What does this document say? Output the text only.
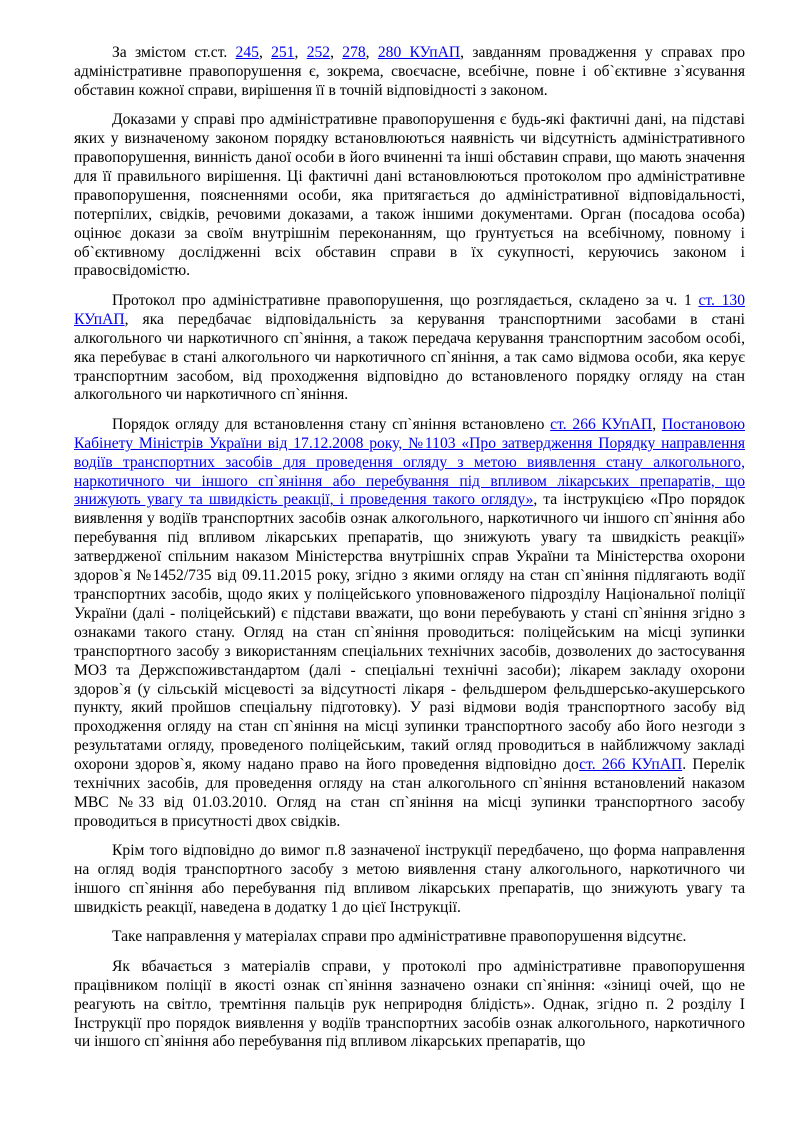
За змістом ст.ст. 245, 251, 252, 278, 280 КУпАП, завданням провадження у справах про адміністративне правопорушення є, зокрема, своєчасне, всебічне, повне і об`єктивне з`ясування обставин кожної справи, вирішення її в точній відповідності з законом.

Доказами у справі про адміністративне правопорушення є будь-які фактичні дані, на підставі яких у визначеному законом порядку встановлюються наявність чи відсутність адміністративного правопорушення, винність даної особи в його вчиненні та інші обставин справи, що мають значення для її правильного вирішення. Ці фактичні дані встановлюються протоколом про адміністративне правопорушення, поясненнями особи, яка притягається до адміністративної відповідальності, потерпілих, свідків, речовими доказами, а також іншими документами. Орган (посадова особа) оцінює докази за своїм внутрішнім переконанням, що ґрунтується на всебічному, повному і об`єктивному дослідженні всіх обставин справи в їх сукупності, керуючись законом і правосвідомістю.

Протокол про адміністративне правопорушення, що розглядається, складено за ч. 1 ст. 130 КУпАП, яка передбачає відповідальність за керування транспортними засобами в стані алкогольного чи наркотичного сп`яніння, а також передача керування транспортним засобом особі, яка перебуває в стані алкогольного чи наркотичного сп`яніння, а так само відмова особи, яка керує транспортним засобом, від проходження відповідно до встановленого порядку огляду на стан алкогольного чи наркотичного сп`яніння.

Порядок огляду для встановлення стану сп`яніння встановлено ст. 266 КУпАП, Постановою Кабінету Міністрів України від 17.12.2008 року, №1103 «Про затвердження Порядку направлення водіїв транспортних засобів для проведення огляду з метою виявлення стану алкогольного, наркотичного чи іншого сп`яніння або перебування під впливом лікарських препаратів, що знижують увагу та швидкість реакції, і проведення такого огляду», та інструкцією «Про порядок виявлення у водіїв транспортних засобів ознак алкогольного, наркотичного чи іншого сп`яніння або перебування під впливом лікарських препаратів, що знижують увагу та швидкість реакції» затвердженої спільним наказом Міністерства внутрішніх справ України та Міністерства охорони здоров`я №1452/735 від 09.11.2015 року, згідно з якими огляду на стан сп`яніння підлягають водії транспортних засобів, щодо яких у поліцейського уповноваженого підрозділу Національної поліції України (далі - поліцейський) є підстави вважати, що вони перебувають у стані сп`яніння згідно з ознаками такого стану. Огляд на стан сп`яніння проводиться: поліцейським на місці зупинки транспортного засобу з використанням спеціальних технічних засобів, дозволених до застосування МОЗ та Держспоживстандартом (далі - спеціальні технічні засоби); лікарем закладу охорони здоров`я (у сільській місцевості за відсутності лікаря - фельдшером фельдшерсько-акушерського пункту, який пройшов спеціальну підготовку). У разі відмови водія транспортного засобу від проходження огляду на стан сп`яніння на місці зупинки транспортного засобу або його незгоди з результатами огляду, проведеного поліцейським, такий огляд проводиться в найближчому закладі охорони здоров`я, якому надано право на його проведення відповідно дост. 266 КУпАП. Перелік технічних засобів, для проведення огляду на стан алкогольного сп`яніння встановлений наказом МВС №33 від 01.03.2010. Огляд на стан сп`яніння на місці зупинки транспортного засобу проводиться в присутності двох свідків.

Крім того відповідно до вимог п.8 зазначеної інструкції передбачено, що форма направлення на огляд водія транспортного засобу з метою виявлення стану алкогольного, наркотичного чи іншого сп`яніння або перебування під впливом лікарських препаратів, що знижують увагу та швидкість реакції, наведена в додатку 1 до цієї Інструкції.

Таке направлення у матеріалах справи про адміністративне правопорушення відсутнє.

Як вбачається з матеріалів справи, у протоколі про адміністративне правопорушення працівником поліції в якості ознак сп`яніння зазначено ознаки сп`яніння: «зіниці очей, що не реагують на світло, тремтіння пальців рук неприродня блідість». Однак, згідно п. 2 розділу І Інструкції про порядок виявлення у водіїв транспортних засобів ознак алкогольного, наркотичного чи іншого сп`яніння або перебування під впливом лікарських препаратів, що
